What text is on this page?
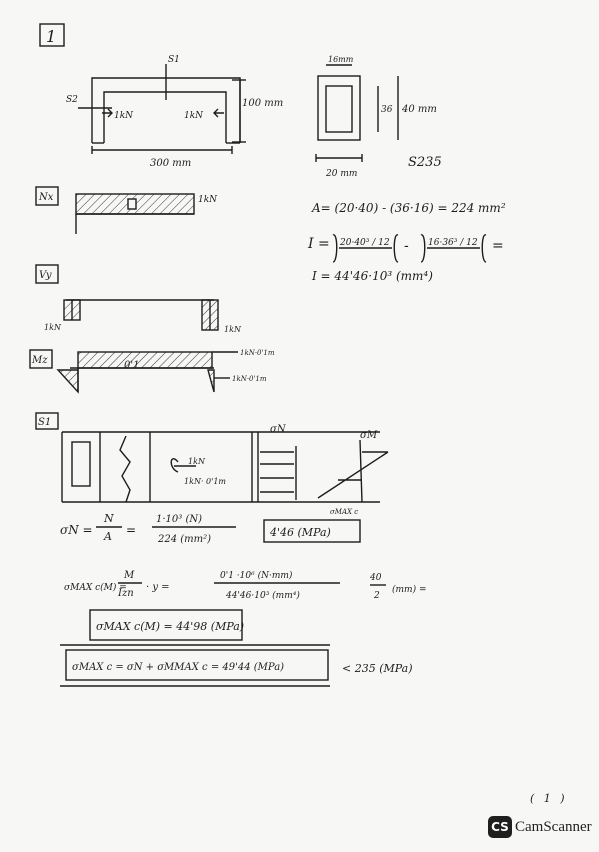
1
S1
S2
1kN	1kN
100 mm
300 mm
16mm
36 40 mm
20 mm
S235
A= (20·40) - (36·16) = 224 mm²
I = 20·40³ / 12 - 16·36³ / 12 =
I = 44'46·10³ (mm⁴)
Nx	1kN
Vy
1kN	1kN
Mz	0'1
1kN·0'1m
1kN·0'1m
S1
1kN
1kN· 0'1m
σN
σM
σMAX c
σN =
N
A =
1·10³ (N)
224 (mm²)
4'46 (MPa)
σMAX c(M) =
M
Izn
· y =
0'1 ·10⁶ (N·mm)
44'46·10³ (mm⁴)
40
2
(mm) =
σMAX c(M) = 44'98 (MPa)
σMAX c = σN + σMMAX c = 49'44 (MPa)	< 235 (MPa)
( 1 )
CS CamScanner
